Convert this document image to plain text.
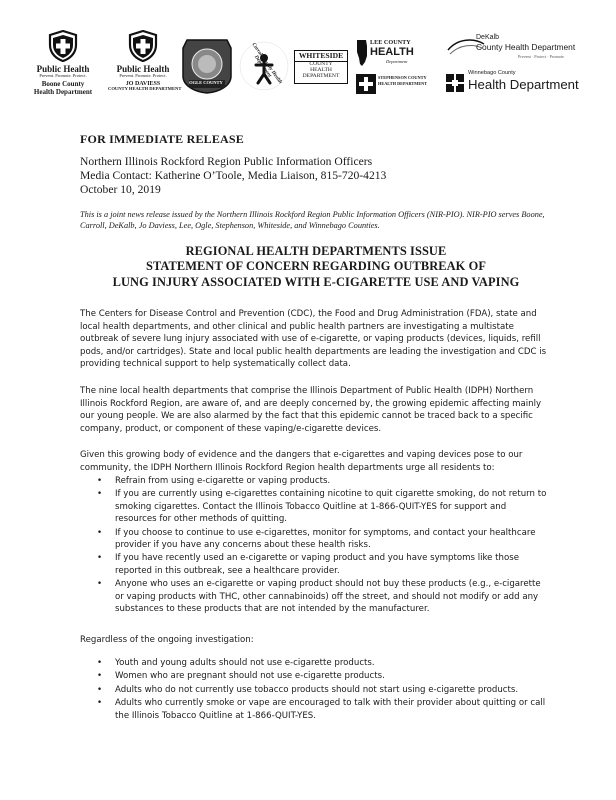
Public Health
Prevent. Promote. Protect.
Boone County
Health Department
Public Health
Prevent. Promote. Protect.
JO DAVIESS
COUNTY HEALTH DEPARTMENT
OGLE COUNTY	Carroll County Health Department	WHITESIDE
COUNTY
HEALTH
DEPARTMENT
LEE COUNTY
HEALTH
Department
STEPHENSON COUNTY HEALTH DEPARTMENT
DeKalb
County Health Department
Prevent · Protect · Promote
Winnebago County
Health Department
FOR IMMEDIATE RELEASE
Northern Illinois Rockford Region Public Information Officers
Media Contact: Katherine O’Toole, Media Liaison, 815-720-4213
October 10, 2019
This is a joint news release issued by the Northern Illinois Rockford Region Public Information Officers (NIR-PIO). NIR-PIO serves Boone, Carroll, DeKalb, Jo Daviess, Lee, Ogle, Stephenson, Whiteside, and Winnebago Counties.
REGIONAL HEALTH DEPARTMENTS ISSUE
STATEMENT OF CONCERN REGARDING OUTBREAK OF
LUNG INJURY ASSOCIATED WITH E-CIGARETTE USE AND VAPING

The Centers for Disease Control and Prevention (CDC), the Food and Drug Administration (FDA), state and local health departments, and other clinical and public health partners are investigating a multistate outbreak of severe lung injury associated with use of e-cigarette, or vaping products (devices, liquids, refill pods, and/or cartridges). State and local public health departments are leading the investigation and CDC is providing technical support to help systematically collect data.

The nine local health departments that comprise the Illinois Department of Public Health (IDPH) Northern Illinois Rockford Region, are aware of, and are deeply concerned by, the growing epidemic affecting mainly our young people. We are also alarmed by the fact that this epidemic cannot be traced back to a specific company, product, or component of these vaping/e-cigarette devices.

Given this growing body of evidence and the dangers that e-cigarettes and vaping devices pose to our community, the IDPH Northern Illinois Rockford Region health departments urge all residents to:

• Refrain from using e-cigarette or vaping products.
• If you are currently using e-cigarettes containing nicotine to quit cigarette smoking, do not return to smoking cigarettes. Contact the Illinois Tobacco Quitline at 1-866-QUIT-YES for support and resources for other methods of quitting.
• If you choose to continue to use e-cigarettes, monitor for symptoms, and contact your healthcare provider if you have any concerns about these health risks.
• If you have recently used an e-cigarette or vaping product and you have symptoms like those reported in this outbreak, see a healthcare provider.
• Anyone who uses an e-cigarette or vaping product should not buy these products (e.g., e-cigarette or vaping products with THC, other cannabinoids) off the street, and should not modify or add any substances to these products that are not intended by the manufacturer.
Regardless of the ongoing investigation:
• Youth and young adults should not use e-cigarette products.
• Women who are pregnant should not use e-cigarette products.
• Adults who do not currently use tobacco products should not start using e-cigarette products.
• Adults who currently smoke or vape are encouraged to talk with their provider about quitting or call the Illinois Tobacco Quitline at 1-866-QUIT-YES.
